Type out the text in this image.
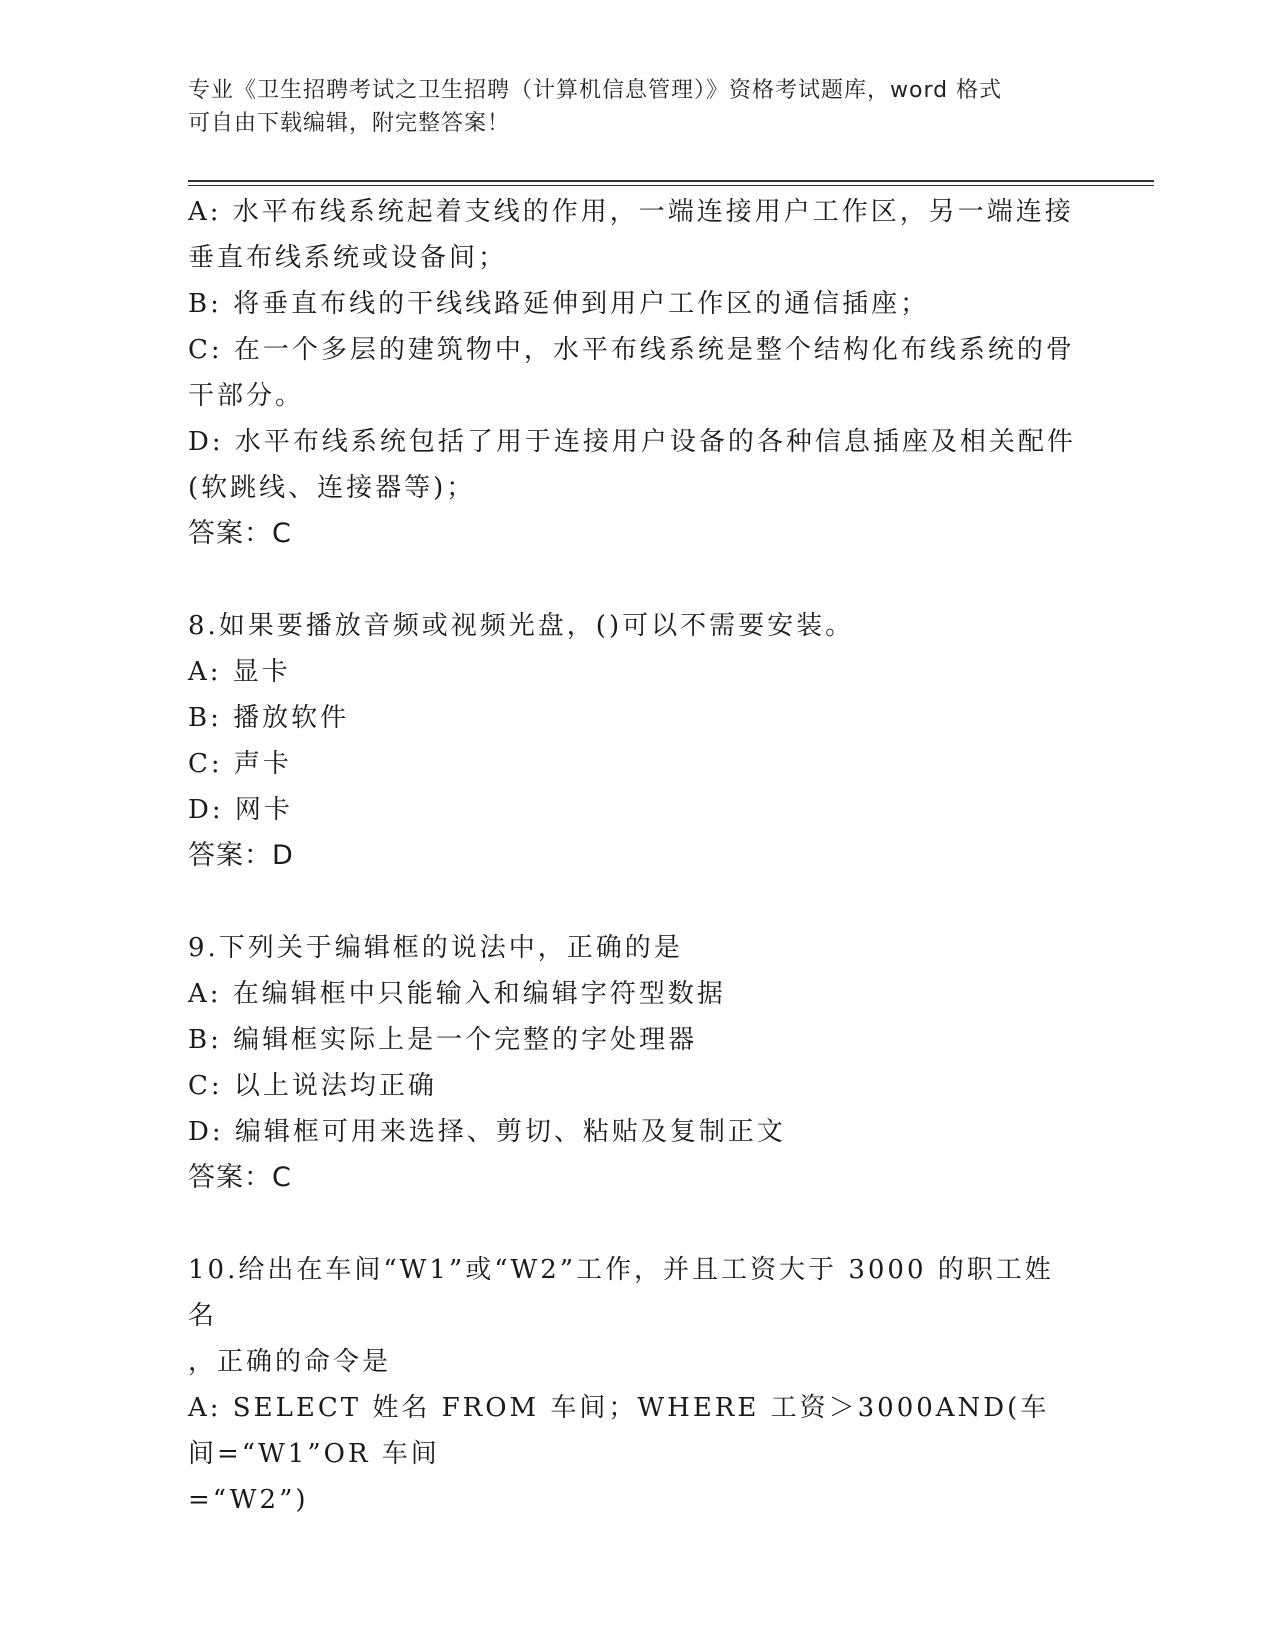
专业《卫生招聘考试之卫生招聘（计算机信息管理）》资格考试题库，word 格式
可自由下载编辑，附完整答案！
A: 水平布线系统起着支线的作用，一端连接用户工作区，另一端连接
垂直布线系统或设备间；
B: 将垂直布线的干线线路延伸到用户工作区的通信插座；
C: 在一个多层的建筑物中，水平布线系统是整个结构化布线系统的骨
干部分。
D: 水平布线系统包括了用于连接用户设备的各种信息插座及相关配件
(软跳线、连接器等)；
答案：C
8.如果要播放音频或视频光盘，()可以不需要安装。
A: 显卡
B: 播放软件
C: 声卡
D: 网卡
答案：D
9.下列关于编辑框的说法中，正确的是
A: 在编辑框中只能输入和编辑字符型数据
B: 编辑框实际上是一个完整的字处理器
C: 以上说法均正确
D: 编辑框可用来选择、剪切、粘贴及复制正文
答案：C
10.给出在车间“W1”或“W2”工作，并且工资大于 3000 的职工姓名
，正确的命令是
A: SELECT 姓名 FROM 车间；WHERE 工资＞3000AND(车间=“W1”OR 车间
=“W2”)
